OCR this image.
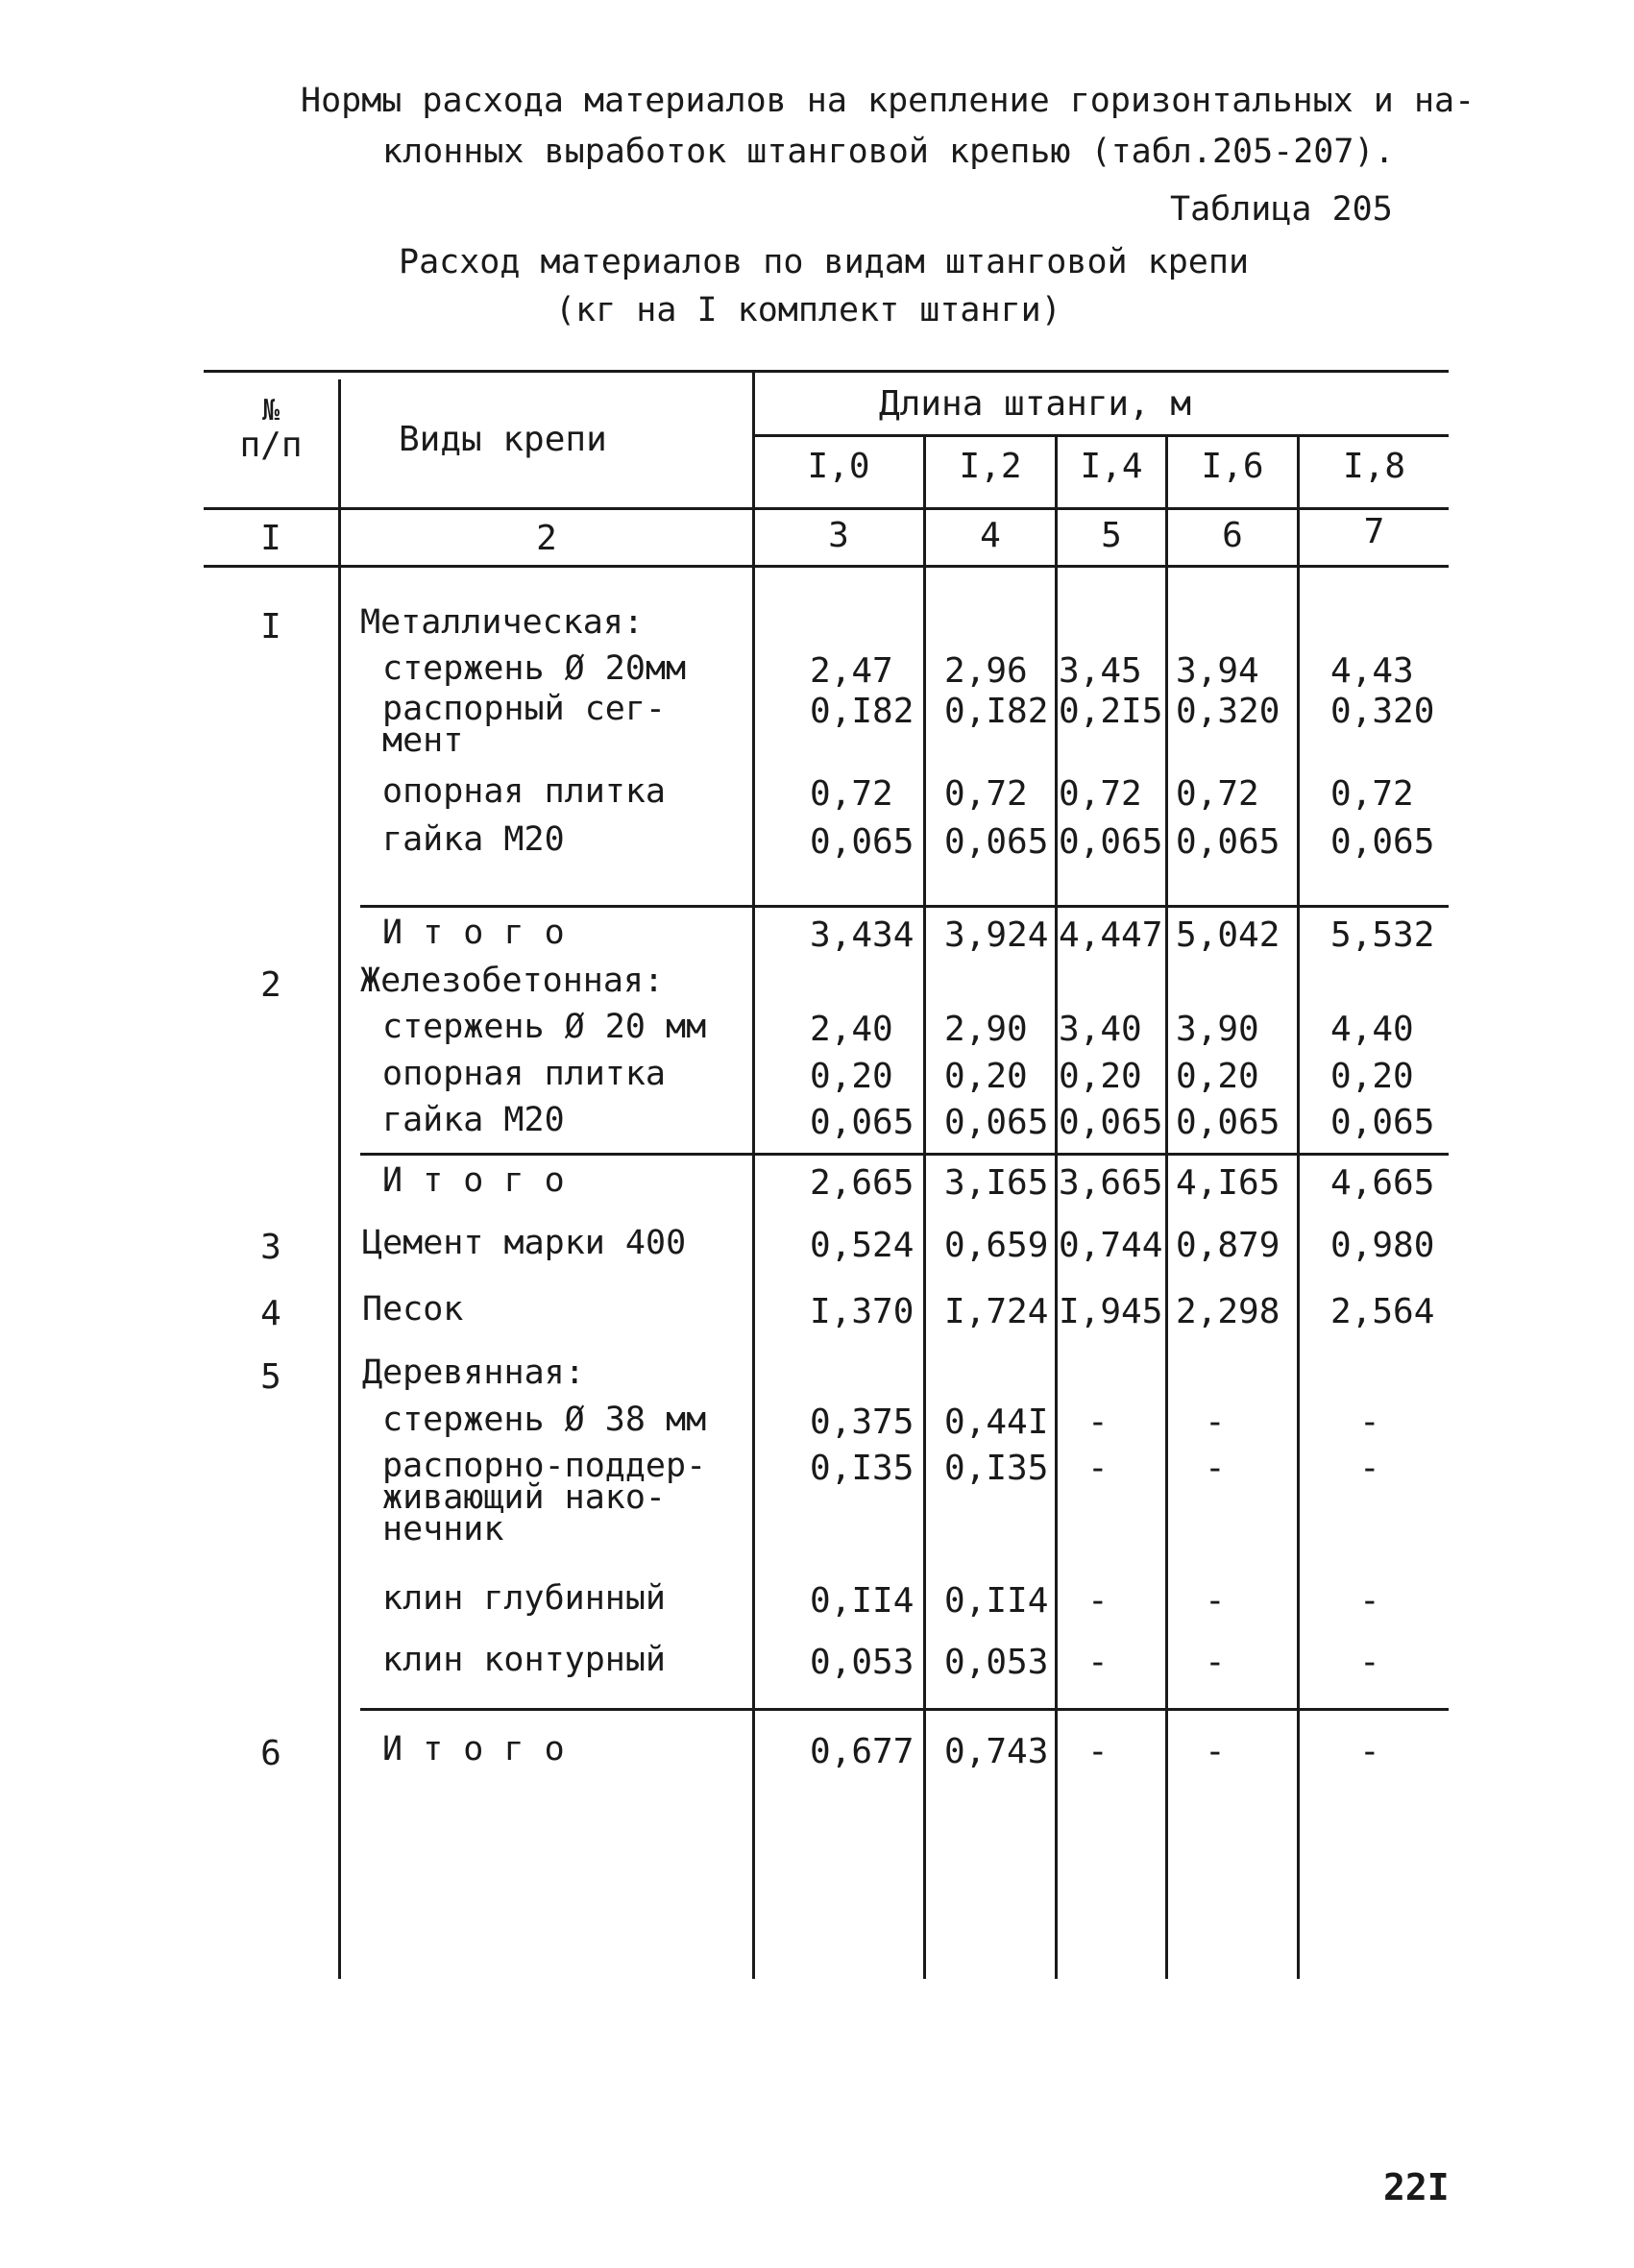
Нормы расхода материалов на крепление горизонтальных и на-
клонных выработок штанговой крепью (табл.205-207).
Таблица 205
Расход материалов по видам штанговой крепи
(кг на I комплект штанги)
№
п/п	Виды крепи
Длина штанги, м
I,0	I,2	I,4	I,6	I,8
I	2	3	4	5	6	7
I	Металлическая:
стержень Ø 20мм	2,47 2,96 3,45 3,94 4,43
распорный сег-
мент
0,I82 0,I82 0,2I5 0,320 0,320
опорная плитка	0,72 0,72 0,72 0,72 0,72
гайка М20	0,065 0,065 0,065 0,065 0,065
И т о г о	3,434 3,924 4,447 5,042 5,532
2	Железобетонная:
стержень Ø 20 мм	2,40 2,90 3,40 3,90 4,40
опорная плитка	0,20 0,20 0,20 0,20 0,20
гайка М20	0,065 0,065 0,065 0,065 0,065
И т о г о	2,665 3,I65 3,665 4,I65 4,665
3	Цемент марки 400	0,524 0,659 0,744 0,879 0,980
4	Песок	I,370 I,724 I,945 2,298 2,564
5	Деревянная:
стержень Ø 38 мм	0,375 0,44I -	-	-
распорно-поддер-
живающий нако-
нечник
0,I35 0,I35 -	-	-
клин глубинный	0,II4 0,II4 -	-	-
клин контурный	0,053 0,053 -	-	-
6	И т о г о	0,677 0,743 -	-	-
22I
